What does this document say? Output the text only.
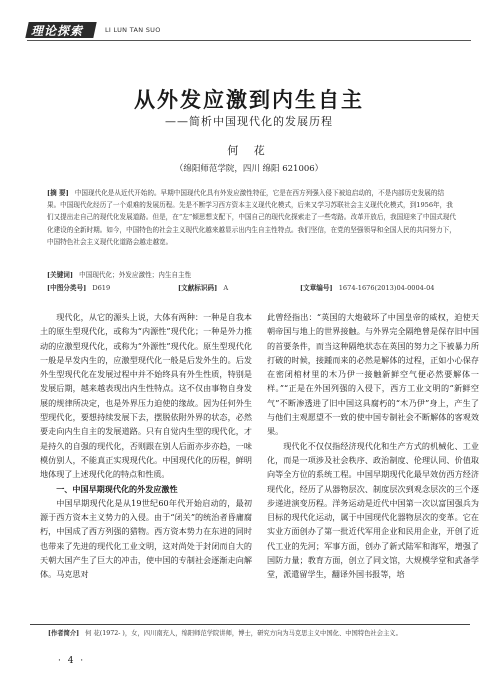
理论探索	LI LUN TAN SUO
从外发应激到内生自主
——简析中国现代化的发展历程
何 花
（绵阳师范学院，四川 绵阳 621006）
[摘 要] 中国现代化是从近代开始的。早期中国现代化具有外发应激性特征，它是在西方列强入侵下被迫启动的，不是内部历史发展的结果。中国现代化经历了一个艰难的发展历程。先是不断学习西方资本主义现代化模式，后来又学习苏联社会主义现代化模式，到1956年，我们又提出走自己的现代化发展道路。但是，在“左”倾思想支配下，中国自己的现代化探索走了一些弯路。改革开放后，我国迎来了中国式现代化建设的全新时期。如今，中国特色的社会主义现代化越来越显示出内生自主性特点。我们坚信，在党的坚强领导和全国人民的共同努力下，中国特色社会主义现代化道路会越走越宽。
[关键词] 中国现代化；外发应激性；内生自主性
[中图分类号] D619	[文献标识码] A	[文章编号] 1674-1676(2013)04-0004-04

现代化，从它的源头上说，大体有两种：一种是自我本土的原生型现代化，或称为“内源性”现代化；一种是外力推动的应激型现代化，或称为“外源性”现代化。原生型现代化一般是早发内生的，应激型现代化一般是后发外生的。后发外生型现代化在发展过程中并不始终具有外生性质，特别是发展后期，越来越表现出内生性特点。这不仅由事物自身发展的规律所决定，也是外界压力迫使的缘故。因为任何外生型现代化，要想持续发展下去，摆脱依附外界的状态，必然要走向内生自主的发展道路。只有自觉内生型的现代化，才是持久的自强的现代化，否则跟在别人后面亦步亦趋，一味模仿别人，不能真正实现现代化。中国现代化的历程，鲜明地体现了上述现代化的特点和性质。

一、中国早期现代化的外发应激性

中国早期现代化是从19世纪60年代开始启动的，最初源于西方资本主义势力的入侵。由于“闭关”的统治者昏庸腐朽，中国成了西方列强的猎物。西方资本势力在东进的同时也带来了先进的现代化工业文明，这对尚处于封闭而自大的天朝大国产生了巨大的冲击，使中国的专制社会逐渐走向解体。马克思对

此曾经指出：“英国的大炮破坏了中国皇帝的威权，迫使天朝帝国与地上的世界接触。与外界完全隔绝曾是保存旧中国的首要条件，而当这种隔绝状态在英国的努力之下被暴力所打破的时候，接踵而来的必然是解体的过程，正如小心保存在密闭棺材里的木乃伊一接触新鲜空气便必然要解体一样。”“正是在外国列强的入侵下，西方工业文明的“新鲜空气”不断渗透进了旧中国这具腐朽的“木乃伊”身上，产生了与他们主观愿望不一致的使中国专制社会不断解体的客观效果。

现代化不仅仅指经济现代化和生产方式的机械化、工业化，而是一项涉及社会秩序、政治制度、伦理认同、价值取向等全方位的系统工程。中国早期现代化最早效仿西方经济现代化，经历了从器物层次、制度层次到观念层次的三个逐步递进演变历程。洋务运动是近代中国第一次以富国强兵为目标的现代化运动，属于中国现代化器物层次的变革。它在实业方面创办了第一批近代军用企业和民用企业，开创了近代工业的先河；军事方面，创办了新式陆军和海军，增强了国防力量；教育方面，创立了同文馆，大规模学堂和武备学堂，派遣留学生，翻译外国书报等，培

[作者简介] 何 花(1972- )，女，四川南充人，绵阳师范学院讲师，博士，研究方向为马克思主义中国化、中国特色社会主义。
· 4 ·
